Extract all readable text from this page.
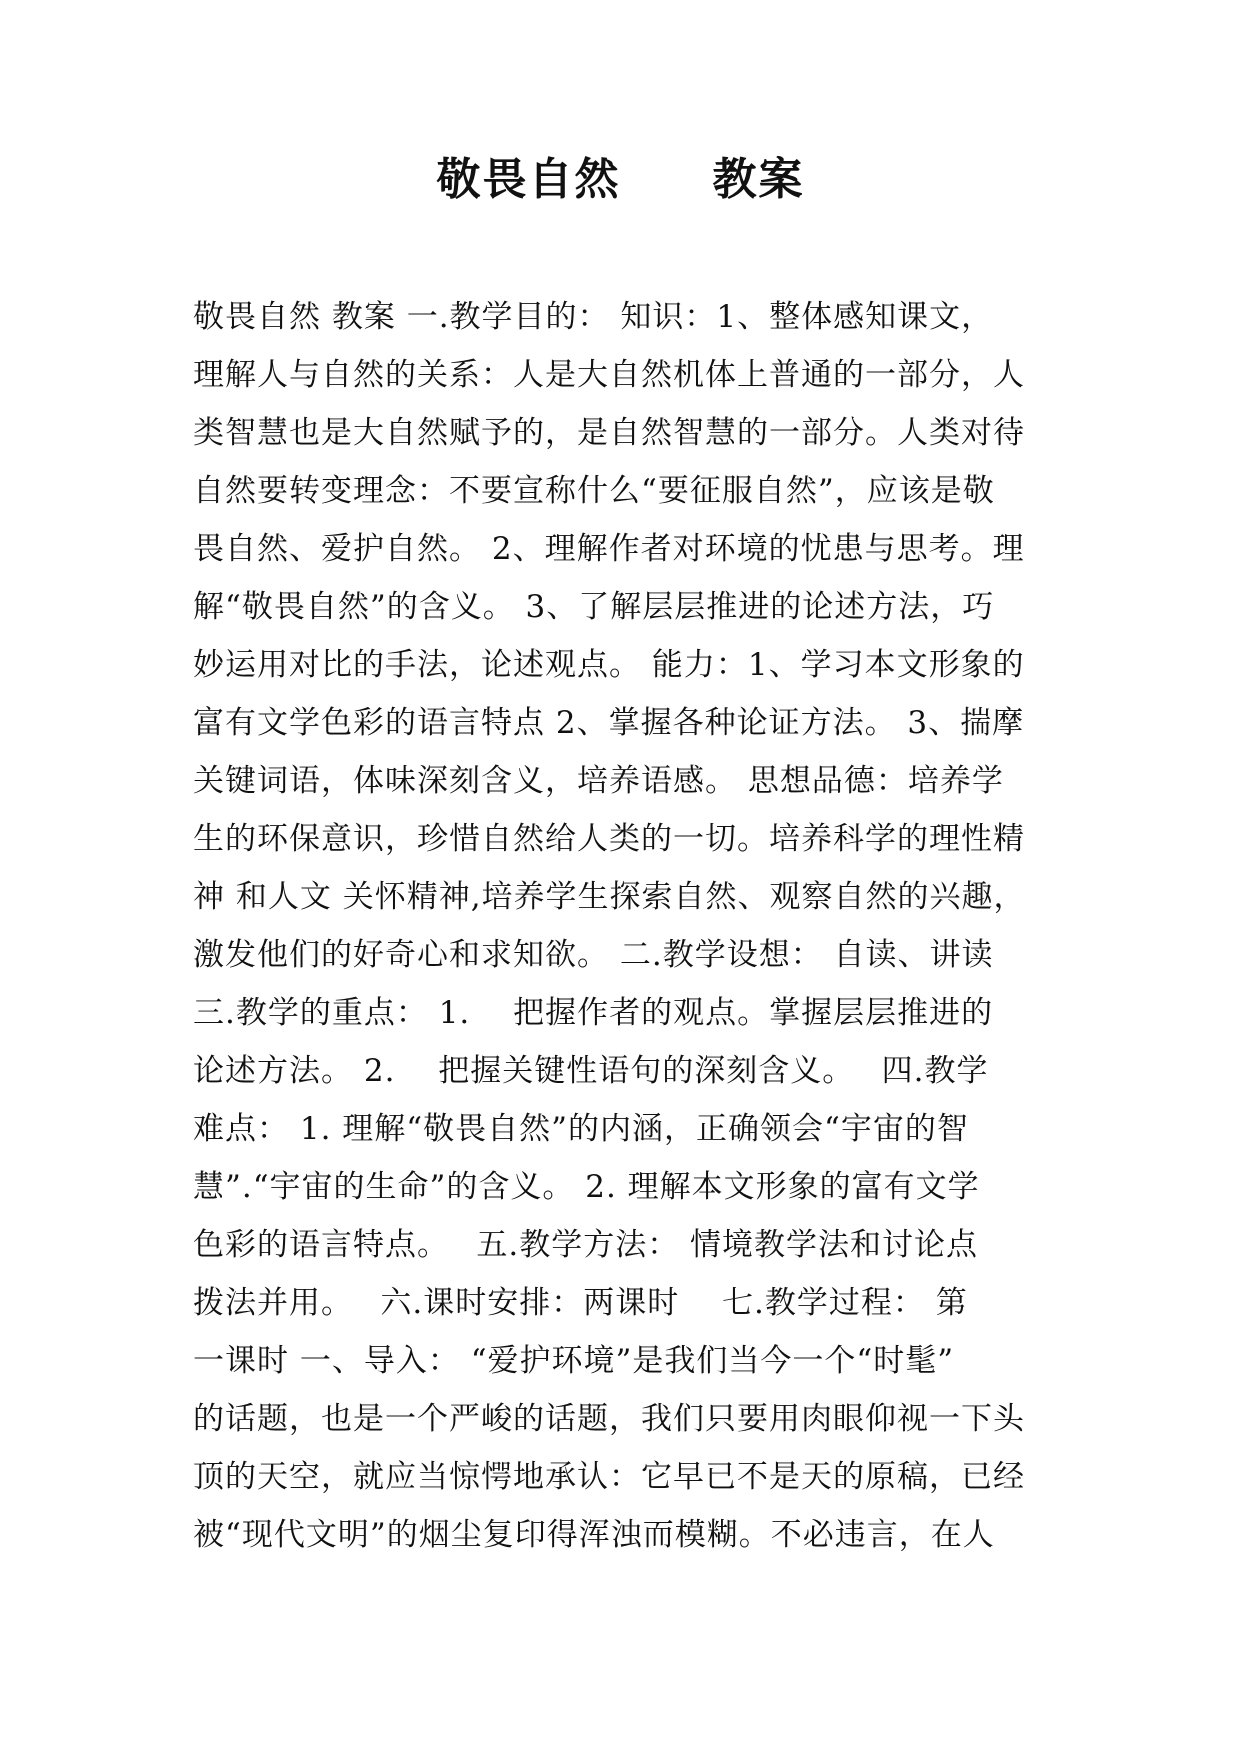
敬畏自然　　教案
敬畏自然 教案 一.教学目的： 知识：1、整体感知课文，
理解人与自然的关系：人是大自然机体上普通的一部分，人
类智慧也是大自然赋予的，是自然智慧的一部分。人类对待
自然要转变理念：不要宣称什么“要征服自然”，应该是敬
畏自然、爱护自然。 2、理解作者对环境的忧患与思考。理
解“敬畏自然”的含义。 3、了解层层推进的论述方法，巧
妙运用对比的手法，论述观点。 能力：1、学习本文形象的
富有文学色彩的语言特点 2、掌握各种论证方法。 3、揣摩
关键词语，体味深刻含义，培养语感。 思想品德：培养学
生的环保意识，珍惜自然给人类的一切。培养科学的理性精
神 和人文 关怀精神,培养学生探索自然、观察自然的兴趣，
激发他们的好奇心和求知欲。 二.教学设想： 自读、讲读
三.教学的重点： 1.　 把握作者的观点。掌握层层推进的
论述方法。 2.　 把握关键性语句的深刻含义。　 四.教学
难点： 1. 理解“敬畏自然”的内涵，正确领会“宇宙的智
慧”.“宇宙的生命”的含义。 2. 理解本文形象的富有文学
色彩的语言特点。　 五.教学方法： 情境教学法和讨论点
拨法并用。　 六.课时安排：两课时　 七.教学过程： 第
一课时 一、导入： “爱护环境”是我们当今一个“时髦”
的话题，也是一个严峻的话题，我们只要用肉眼仰视一下头
顶的天空，就应当惊愕地承认：它早已不是天的原稿，已经
被“现代文明”的烟尘复印得浑浊而模糊。不必违言，在人
